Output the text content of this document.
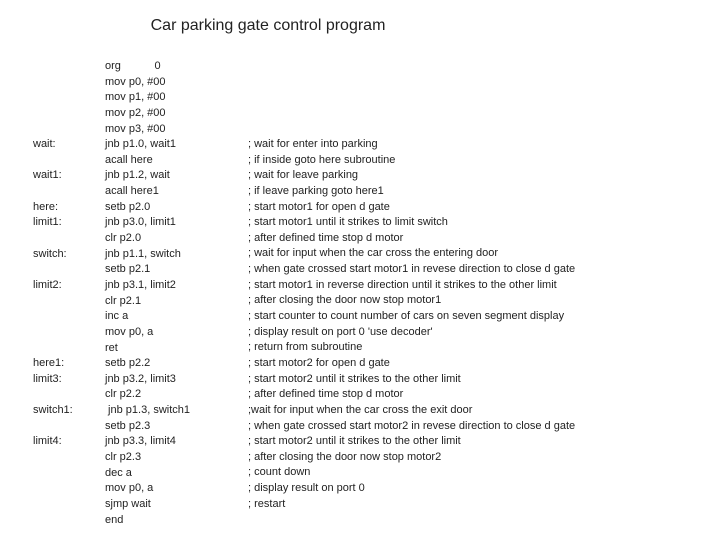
Car parking gate control program
wait:
wait1:
here:
limit1:
switch:
limit2:
here1:
limit3:
switch1:
limit4:
org           0
mov p0, #00
mov p1, #00
mov p2, #00
mov p3, #00
jnb p1.0, wait1
acall here
jnb p1.2, wait
acall here1
setb p2.0
jnb p3.0, limit1
clr p2.0
jnb p1.1, switch
setb p2.1
jnb p3.1, limit2
clr p2.1
inc a
mov p0, a
ret
setb p2.2
jnb p3.2, limit3
clr p2.2
jnb p1.3, switch1
setb p2.3
jnb p3.3, limit4
clr p2.3
dec a
mov p0, a
sjmp wait
end
; wait for enter into parking
; if inside goto here subroutine
; wait for leave parking
; if leave parking goto here1
; start motor1 for open d gate
; start motor1 until it strikes to limit switch
; after defined time stop d motor
; wait for input when the car cross the entering door
; when gate crossed start motor1 in revese direction to close d gate
; start motor1 in reverse direction until it strikes to the other limit
; after closing the door now stop motor1
; start counter to count number of cars on seven segment display
; display result on port 0 'use decoder'
; return from subroutine
; start motor2 for open d gate
; start motor2 until it strikes to the other limit
; after defined time stop d motor
;wait for input when the car cross the exit door
; when gate crossed start motor2 in revese direction to close d gate
; start motor2 until it strikes to the other limit
; after closing the door now stop motor2
; count down
; display result on port 0
; restart
